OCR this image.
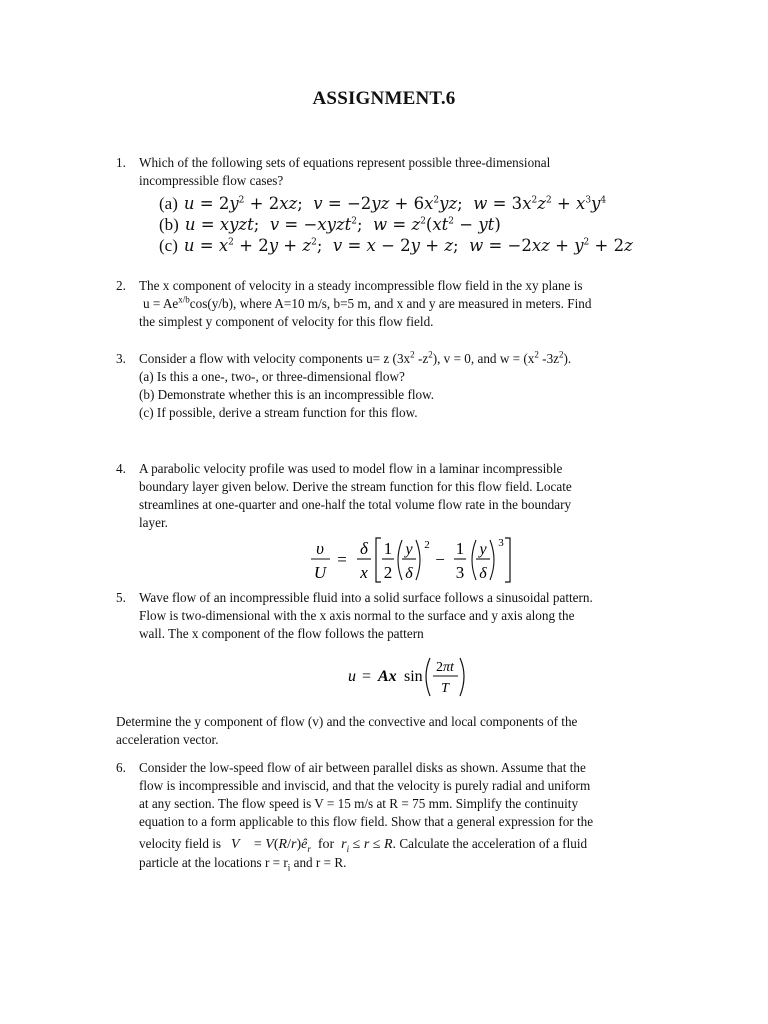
ASSIGNMENT.6
1. Which of the following sets of equations represent possible three-dimensional
incompressible flow cases?
(a) $u = 2y^2 + 2xz$;  $v = -2yz + 6x^2yz$;  $w = 3x^2z^2 + x^3y^4$
(b) u = xyzt;  v = −xyzt$^2$;  $w = z^2(xt^2 - yt)$
(c) $u = x^2 + 2y + z^2$;  v = x − 2y + z;  $w = -2xz + y^2 + 2z$
2. The x component of velocity in a steady incompressible flow field in the xy plane is
$u = Ae^{x/b}\cos(y/b)$, where A=10 m/s, b=5 m, and x and y are measured in meters. Find
the simplest y component of velocity for this flow field.
3. Consider a flow with velocity components u= z ($3x^2$ $-z^2$), v = 0, and $w = (x^2$ $-3z^2$).
(a) Is this a one-, two-, or three-dimensional flow?
(b) Demonstrate whether this is an incompressible flow.
(c) If possible, derive a stream function for this flow.
4. A parabolic velocity profile was used to model flow in a laminar incompressible
boundary layer given below. Derive the stream function for this flow field. Locate
streamlines at one-quarter and one-half the total volume flow rate in the boundary
layer.
υ
U
=
δ
x
1
2
y
δ
2
−
1
3
y
δ
3
5. Wave flow of an incompressible fluid into a solid surface follows a sinusoidal pattern.
Flow is two-dimensional with the x axis normal to the surface and y axis along the
wall. The x component of the flow follows the pattern
u = Ax sin
2πt
T
Determine the y component of flow (v) and the convective and local components of the
acceleration vector.
6. Consider the low-speed flow of air between parallel disks as shown. Assume that the
flow is incompressible and inviscid, and that the velocity is purely radial and uniform
at any section. The flow speed is V = 15 m/s at R = 75 mm. Simplify the continuity
equation to a form applicable to this flow field. Show that a general expression for the
velocity field is V⃗ = $V(R/r)ê_r$  for  $r_i \le r \le R$. Calculate the acceleration of a fluid
particle at the locations $r = r_i$ and r = R.
